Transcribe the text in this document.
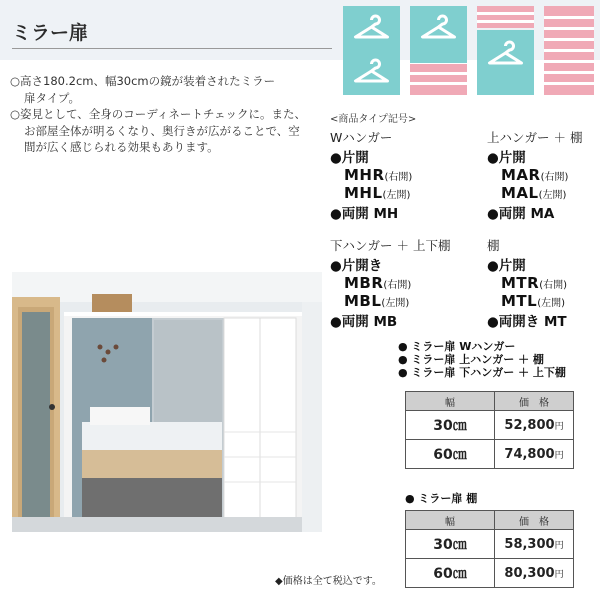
ミラー扉
○高さ180.2cm、幅30cmの鏡が装着されたミラー
扉タイプ。
○姿見として、全身のコーディネートチェックに。また、
お部屋全体が明るくなり、奥行きが広がることで、空
間が広く感じられる効果もあります。
<商品タイプ記号>
Wハンガー
●片開
MHR(右開)
MHL(左開)
●両開 MH
上ハンガー ＋ 棚
●片開
MAR(右開)
MAL(左開)
●両開 MA
下ハンガー ＋ 上下棚
●片開き
MBR(右開)
MBL(左開)
●両開 MB
棚
●片開
MTR(右開)
MTL(左開)
●両開き MT
● ミラー扉 Wハンガー
● ミラー扉 上ハンガー ＋ 棚
● ミラー扉 下ハンガー ＋ 上下棚
幅	価　格
30㎝	52,800円
60㎝	74,800円
● ミラー扉 棚
幅	価　格
30㎝	58,300円
60㎝	80,300円
◆価格は全て税込です。
